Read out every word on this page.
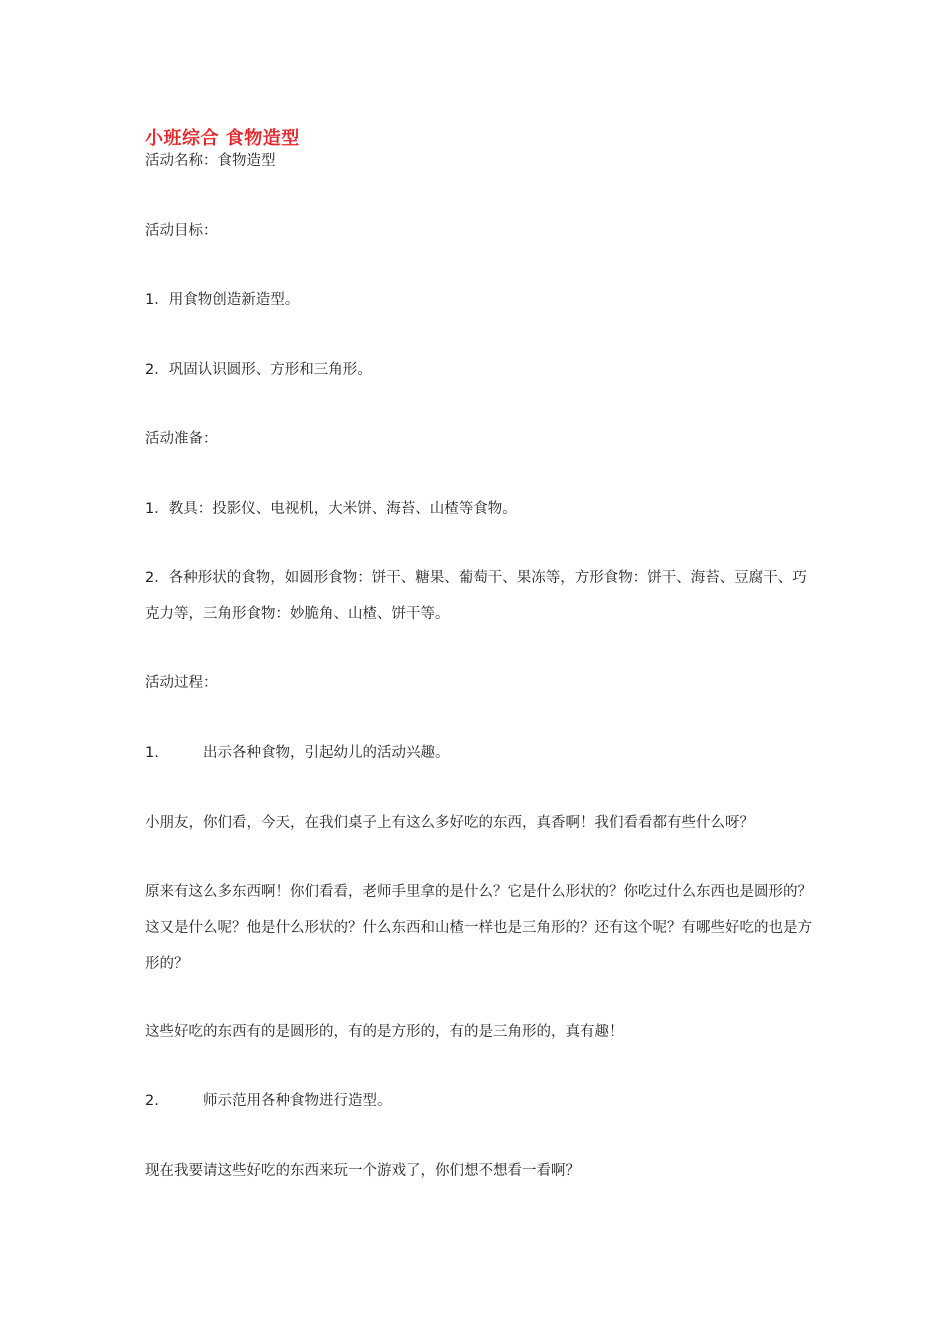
小班综合 食物造型
活动名称：食物造型
活动目标：
1．用食物创造新造型。
2．巩固认识圆形、方形和三角形。
活动准备：
1．教具：投影仪、电视机，大米饼、海苔、山楂等食物。
2．各种形状的食物，如圆形食物：饼干、糖果、葡萄干、果冻等，方形食物：饼干、海苔、豆腐干、巧克力等，三角形食物：妙脆角、山楂、饼干等。
活动过程：
1.	出示各种食物，引起幼儿的活动兴趣。
小朋友，你们看，今天，在我们桌子上有这么多好吃的东西，真香啊！我们看看都有些什么呀？
原来有这么多东西啊！你们看看，老师手里拿的是什么？它是什么形状的？你吃过什么东西也是圆形的？这又是什么呢？他是什么形状的？什么东西和山楂一样也是三角形的？还有这个呢？有哪些好吃的也是方形的？
这些好吃的东西有的是圆形的，有的是方形的，有的是三角形的，真有趣！
2.	师示范用各种食物进行造型。
现在我要请这些好吃的东西来玩一个游戏了，你们想不想看一看啊？
